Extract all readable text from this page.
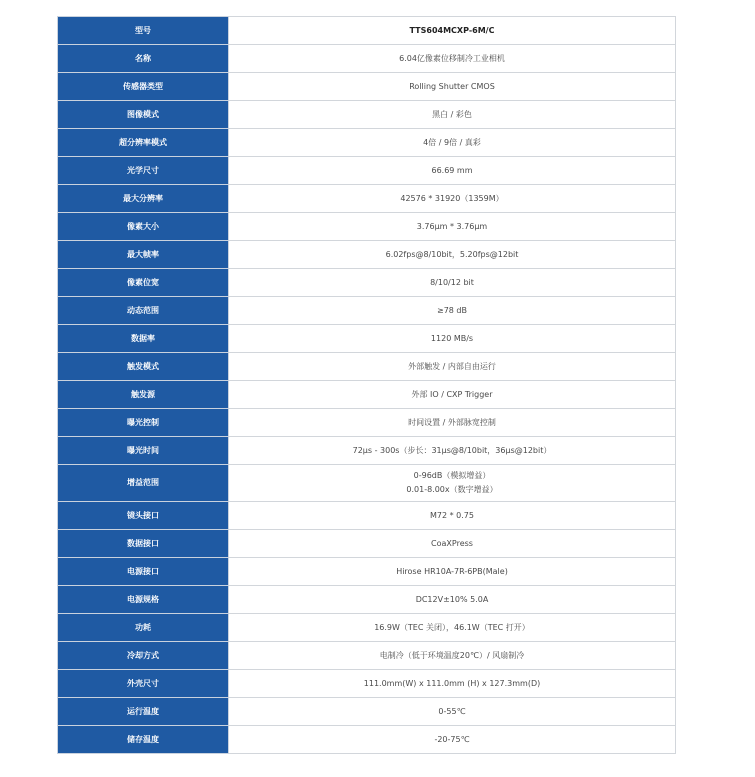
型号	TTS604MCXP-6M/C

名称	6.04亿像素位移制冷工业相机

传感器类型	Rolling Shutter CMOS

图像模式	黑白 / 彩色

超分辨率模式	4倍 / 9倍 / 真彩

光学尺寸	66.69 mm

最大分辨率	42576 * 31920（1359M）

像素大小	3.76μm * 3.76μm

最大帧率	6.02fps@8/10bit，5.20fps@12bit

像素位宽	8/10/12 bit

动态范围	≥78 dB

数据率	1120 MB/s

触发模式	外部触发 / 内部自由运行

触发源	外部 IO / CXP Trigger

曝光控制	时间设置 / 外部脉宽控制

曝光时间	72μs - 300s（步长：31μs@8/10bit，36μs@12bit）

增益范围	0-96dB（模拟增益）
0.01-8.00x（数字增益）

镜头接口	M72 * 0.75

数据接口	CoaXPress

电源接口	Hirose HR10A-7R-6PB(Male)

电源规格	DC12V±10% 5.0A

功耗	16.9W（TEC 关闭），46.1W（TEC 打开）

冷却方式	电制冷（低于环境温度20℃）/ 风扇制冷

外壳尺寸	111.0mm(W) x 111.0mm (H) x 127.3mm(D)

运行温度	0-55℃

储存温度	-20-75℃
